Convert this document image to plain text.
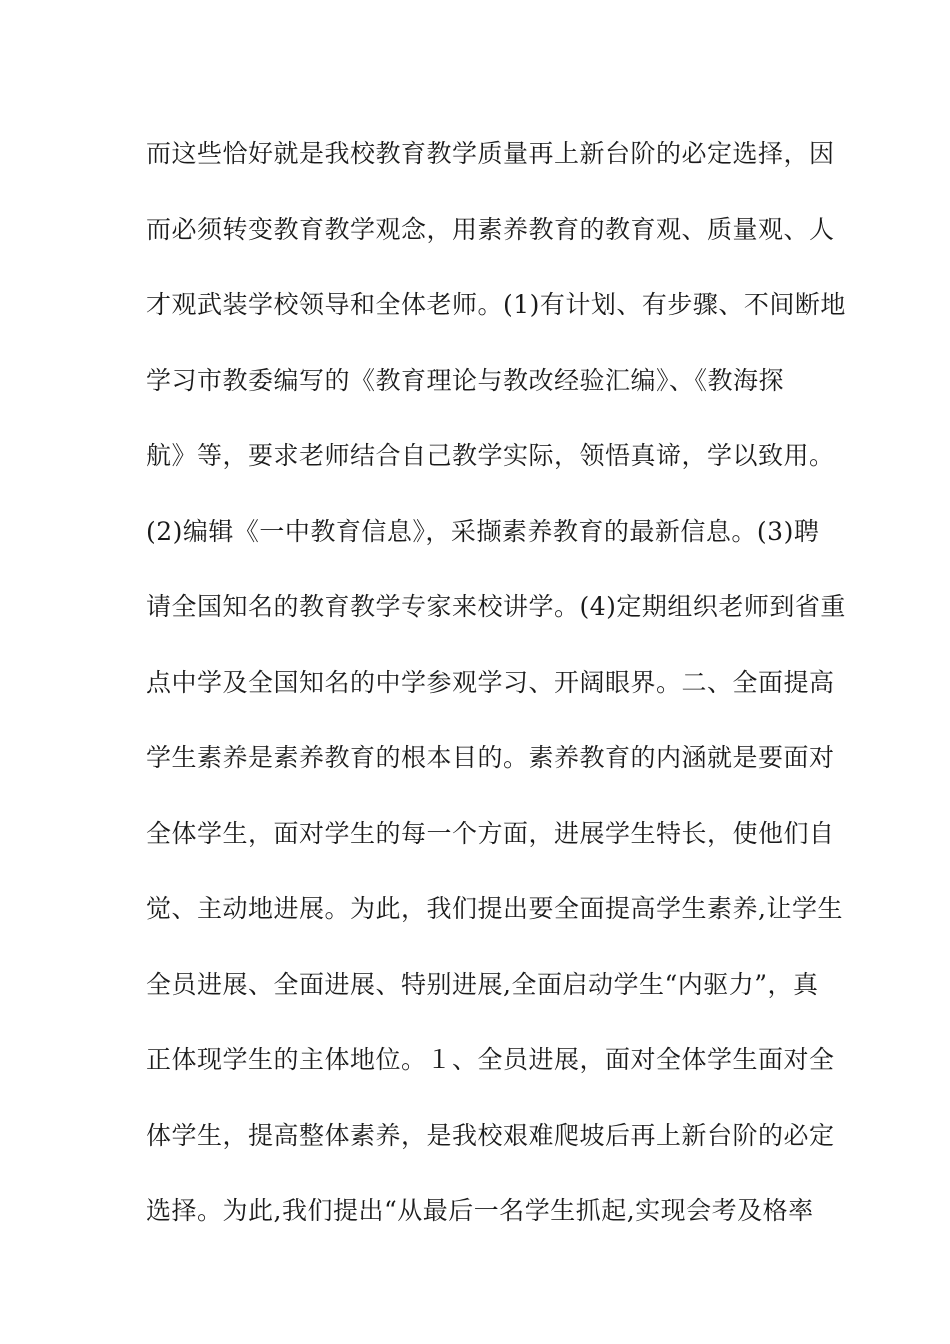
而这些恰好就是我校教育教学质量再上新台阶的必定选择，因
而必须转变教育教学观念，用素养教育的教育观、质量观、人
才观武装学校领导和全体老师。(1)有计划、有步骤、不间断地
学习市教委编写的《教育理论与教改经验汇编》、《教海探
航》等，要求老师结合自己教学实际，领悟真谛，学以致用。
(2)编辑《一中教育信息》，采撷素养教育的最新信息。(3)聘
请全国知名的教育教学专家来校讲学。(4)定期组织老师到省重
点中学及全国知名的中学参观学习、开阔眼界。二、全面提高
学生素养是素养教育的根本目的。素养教育的内涵就是要面对
全体学生，面对学生的每一个方面，进展学生特长，使他们自
觉、主动地进展。为此，我们提出要全面提高学生素养,让学生
全员进展、全面进展、特别进展,全面启动学生“内驱力”，真
正体现学生的主体地位。１、全员进展，面对全体学生面对全
体学生，提高整体素养，是我校艰难爬坡后再上新台阶的必定
选择。为此,我们提出“从最后一名学生抓起,实现会考及格率
